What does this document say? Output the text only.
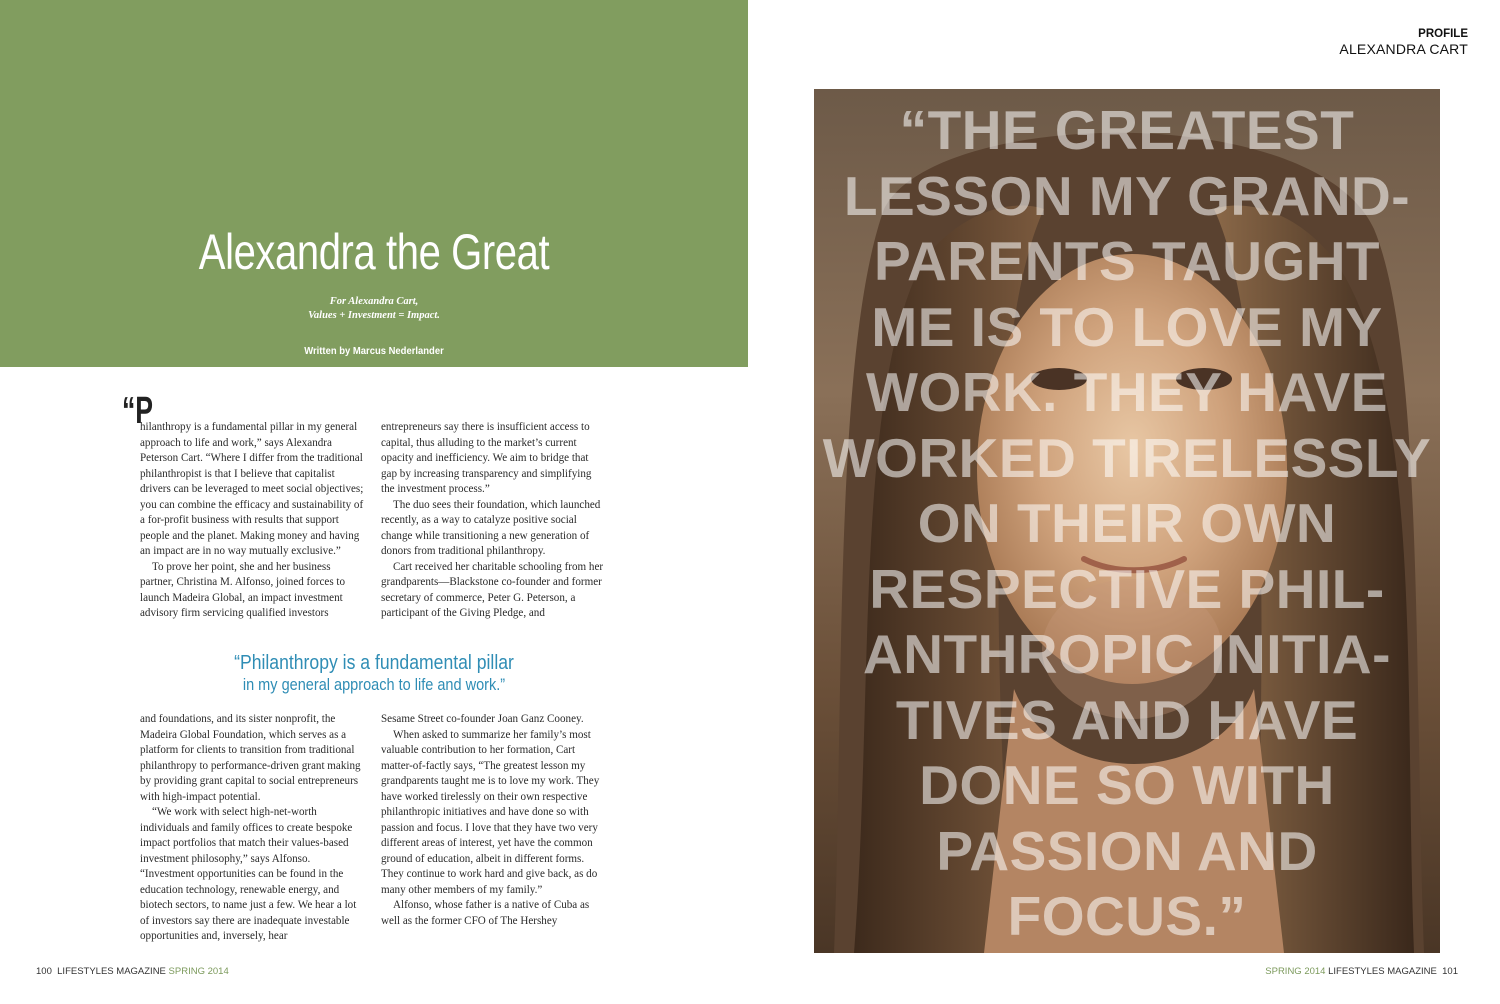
Alexandra the Great
For Alexandra Cart,
Values + Investment = Impact.
Written by Marcus Nederlander
“P

hilanthropy is a fundamental pillar in my general approach to life and work,” says Alexandra Peterson Cart. “Where I differ from the traditional philanthropist is that I believe that capitalist drivers can be leveraged to meet social objectives; you can combine the efficacy and sustainability of a for-profit business with results that support people and the planet. Making money and having an impact are in no way mutually exclusive.”

To prove her point, she and her business partner, Christina M. Alfonso, joined forces to launch Madeira Global, an impact investment advisory firm servicing qualified investors

entrepreneurs say there is insufficient access to capital, thus alluding to the market’s current opacity and inefficiency. We aim to bridge that gap by increasing transparency and simplifying the investment process.”

The duo sees their foundation, which launched recently, as a way to catalyze positive social change while transitioning a new generation of donors from traditional philanthropy.

Cart received her charitable schooling from her grandparents—Blackstone co-founder and former secretary of commerce, Peter G. Peterson, a participant of the Giving Pledge, and

“Philanthropy is a fundamental pillar
in my general approach to life and work.”

and foundations, and its sister nonprofit, the Madeira Global Foundation, which serves as a platform for clients to transition from traditional philanthropy to performance-driven grant making by providing grant capital to social entrepreneurs with high-impact potential.

“We work with select high-net-worth individuals and family offices to create bespoke impact portfolios that match their values-based investment philosophy,” says Alfonso. “Investment opportunities can be found in the education technology, renewable energy, and biotech sectors, to name just a few. We hear a lot of investors say there are inadequate investable opportunities and, inversely, hear

Sesame Street co-founder Joan Ganz Cooney.

When asked to summarize her family’s most valuable contribution to her formation, Cart matter-of-factly says, “The greatest lesson my grandparents taught me is to love my work. They have worked tirelessly on their own respective philanthropic initiatives and have done so with passion and focus. I love that they have two very different areas of interest, yet have the common ground of education, albeit in different forms. They continue to work hard and give back, as do many other members of my family.”

Alfonso, whose father is a native of Cuba as well as the former CFO of The Hershey

100 LIFESTYLES MAGAZINE SPRING 2014
PROFILE
ALEXANDRA CART
“THE GREATEST
LESSON MY GRAND-
PARENTS TAUGHT
ME IS TO LOVE MY
WORK. THEY HAVE
WORKED TIRELESSLY
ON THEIR OWN
RESPECTIVE PHIL-
ANTHROPIC INITIA-
TIVES AND HAVE
DONE SO WITH
PASSION AND
FOCUS.”
SPRING 2014 LIFESTYLES MAGAZINE 101
